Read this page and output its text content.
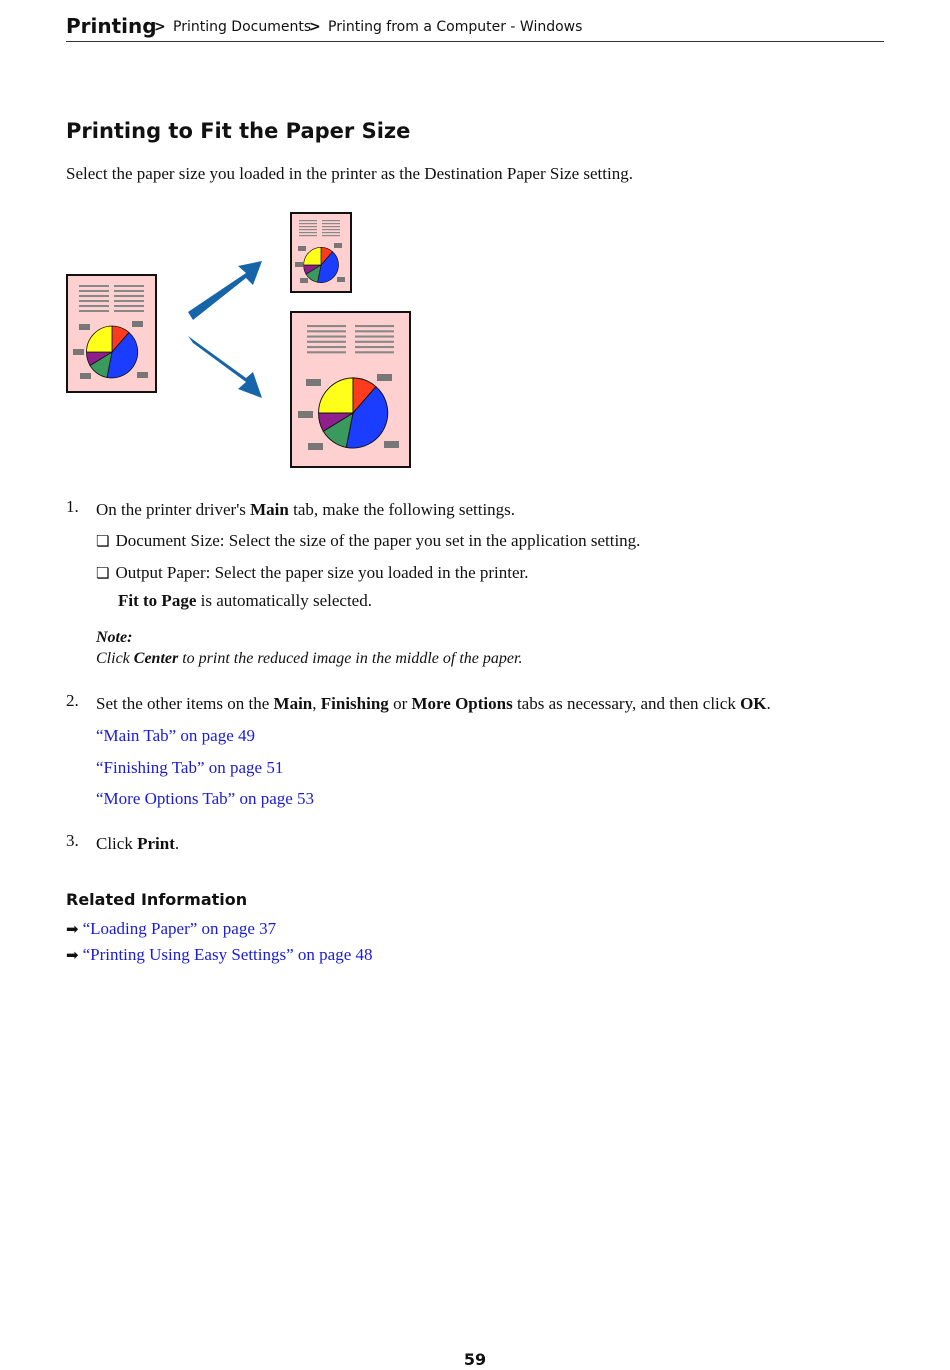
Printing
> Printing Documents
> Printing from a Computer - Windows
Printing to Fit the Paper Size

Select the paper size you loaded in the printer as the Destination Paper Size setting.

1. On the printer driver's Main tab, make the following settings.

❏ Document Size: Select the size of the paper you set in the application setting.

❏ Output Paper: Select the paper size you loaded in the printer.

Fit to Page is automatically selected.

Note:
Click Center to print the reduced image in the middle of the paper.
2. Set the other items on the Main, Finishing or More Options tabs as necessary, and then click OK.

“Main Tab” on page 49

“Finishing Tab” on page 51

“More Options Tab” on page 53

3. Click Print.

Related Information
➡ “Loading Paper” on page 37
➡ “Printing Using Easy Settings” on page 48
59
